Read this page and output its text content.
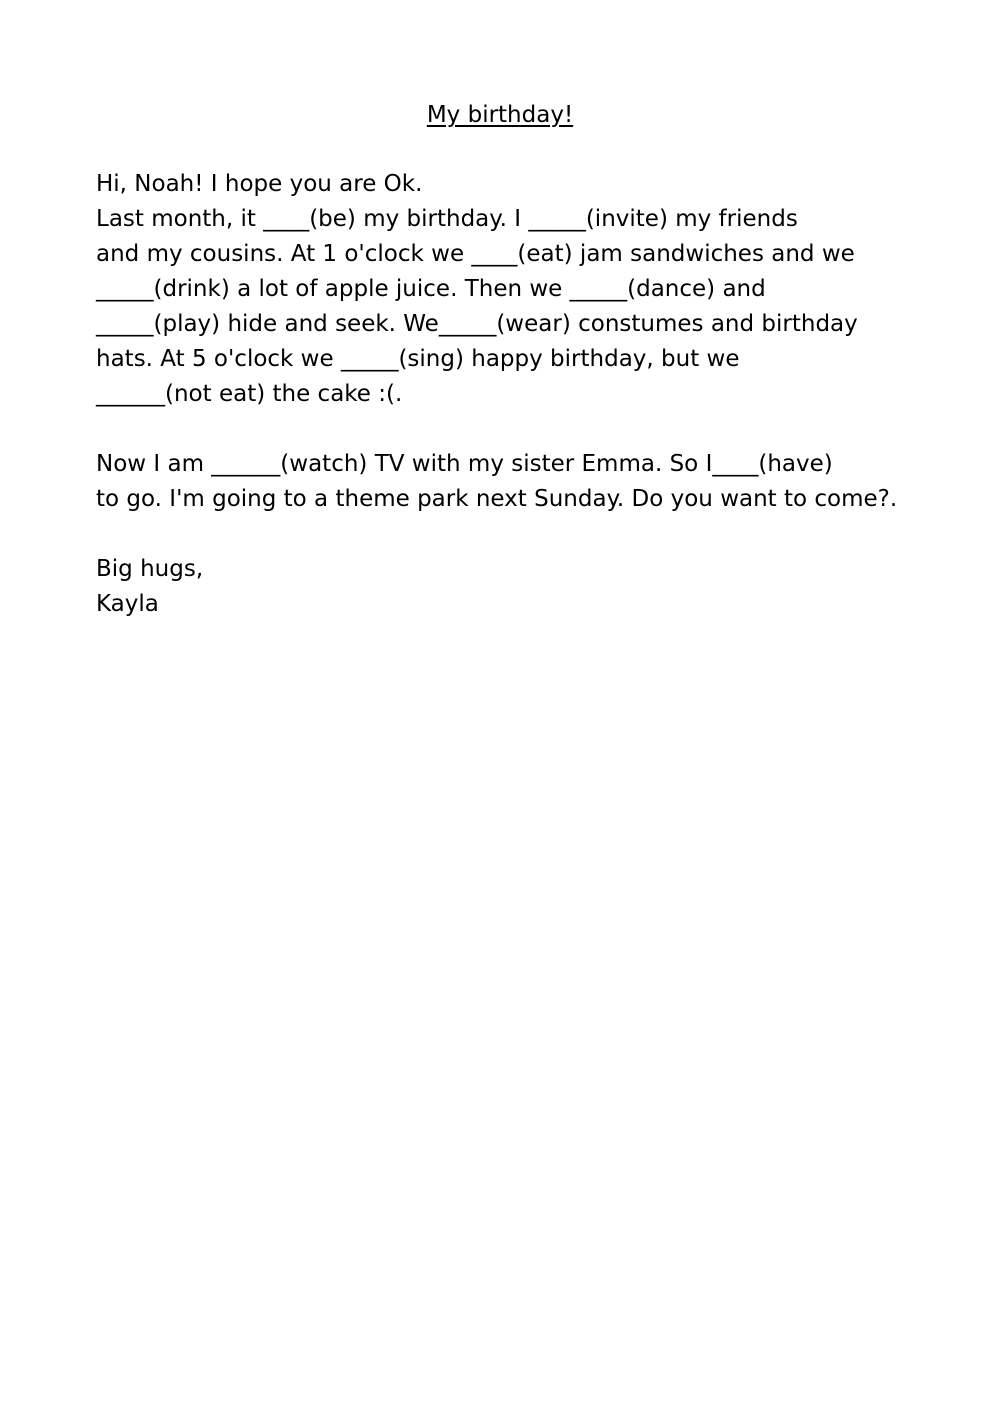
My birthday!
Hi, Noah! I hope you are Ok.
Last month, it ____(be) my birthday. I _____(invite) my friends
and my cousins. At 1 o'clock we ____(eat) jam sandwiches and we
_____(drink) a lot of apple juice. Then we _____(dance) and
_____(play) hide and seek. We_____(wear) constumes and birthday
hats. At 5 o'clock we _____(sing) happy birthday, but we
______(not eat) the cake :(.
Now I am ______(watch) TV with my sister Emma. So I____(have)
to go. I'm going to a theme park next Sunday. Do you want to come?.
Big hugs,
Kayla
